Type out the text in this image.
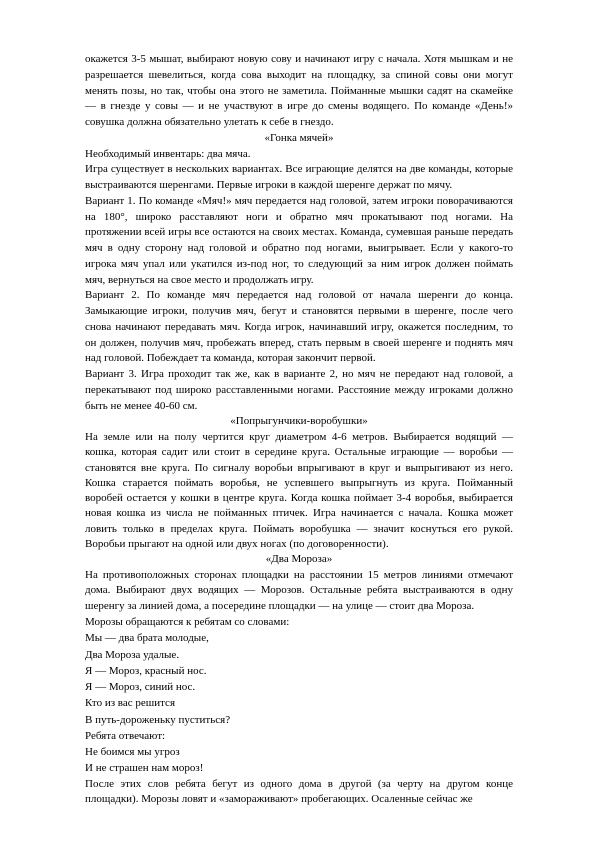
окажется 3-5 мышат, выбирают новую сову и начинают игру с начала. Хотя мышкам и не разрешается шевелиться, когда сова выходит на площадку, за спиной совы они могут менять позы, но так, чтобы она этого не заметила. Пойманные мышки садят на скамейке — в гнезде у совы — и не участвуют в игре до смены водящего. По команде «День!» совушка должна обязательно улетать к себе в гнездо.

«Гонка мячей»

Необходимый инвентарь: два мяча.

Игра существует в нескольких вариантах. Все играющие делятся на две команды, которые выстраиваются шеренгами. Первые игроки в каждой шеренге держат по мячу.

Вариант 1. По команде «Мяч!» мяч передается над головой, затем игроки поворачиваются на 180°, широко расставляют ноги и обратно мяч прокатывают под ногами. На протяжении всей игры все остаются на своих местах. Команда, сумевшая раньше передать мяч в одну сторону над головой и обратно под ногами, выигрывает. Если у какого-то игрока мяч упал или укатился из-под ног, то следующий за ним игрок должен поймать мяч, вернуться на свое место и продолжать игру.

Вариант 2. По команде мяч передается над головой от начала шеренги до конца. Замыкающие игроки, получив мяч, бегут и становятся первыми в шеренге, после чего снова начинают передавать мяч. Когда игрок, начинавший игру, окажется последним, то он должен, получив мяч, пробежать вперед, стать первым в своей шеренге и поднять мяч над головой. Побеждает та команда, которая закончит первой.

Вариант 3. Игра проходит так же, как в варианте 2, но мяч не передают над головой, а перекатывают под широко расставленными ногами. Расстояние между игроками должно быть не менее 40-60 см.

«Попрыгунчики-воробушки»

На земле или на полу чертится круг диаметром 4-6 метров. Выбирается водящий — кошка, которая садит или стоит в середине круга. Остальные играющие — воробьи — становятся вне круга. По сигналу воробьи впрыгивают в круг и выпрыгивают из него. Кошка старается поймать воробья, не успевшего выпрыгнуть из круга. Пойманный воробей остается у кошки в центре круга. Когда кошка поймает 3-4 воробья, выбирается новая кошка из числа не пойманных птичек. Игра начинается с начала. Кошка может ловить только в пределах круга. Поймать воробушка — значит коснуться его рукой. Воробьи прыгают на одной или двух ногах (по договоренности).

«Два Мороза»

На противоположных сторонах площадки на расстоянии 15 метров линиями отмечают дома. Выбирают двух водящих — Морозов. Остальные ребята выстраиваются в одну шеренгу за линией дома, а посередине площадки — на улице — стоит два Мороза.

Морозы обращаются к ребятам со словами:

Мы — два брата молодые,

Два Мороза удалые.

Я — Мороз, красный нос.

Я — Мороз, синий нос.

Кто из вас решится

В путь-дороженьку пуститься?

Ребята отвечают:

Не боимся мы угроз

И не страшен нам мороз!

После этих слов ребята бегут из одного дома в другой (за черту на другом конце площадки). Морозы ловят и «замораживают» пробегающих. Осаленные сейчас же
